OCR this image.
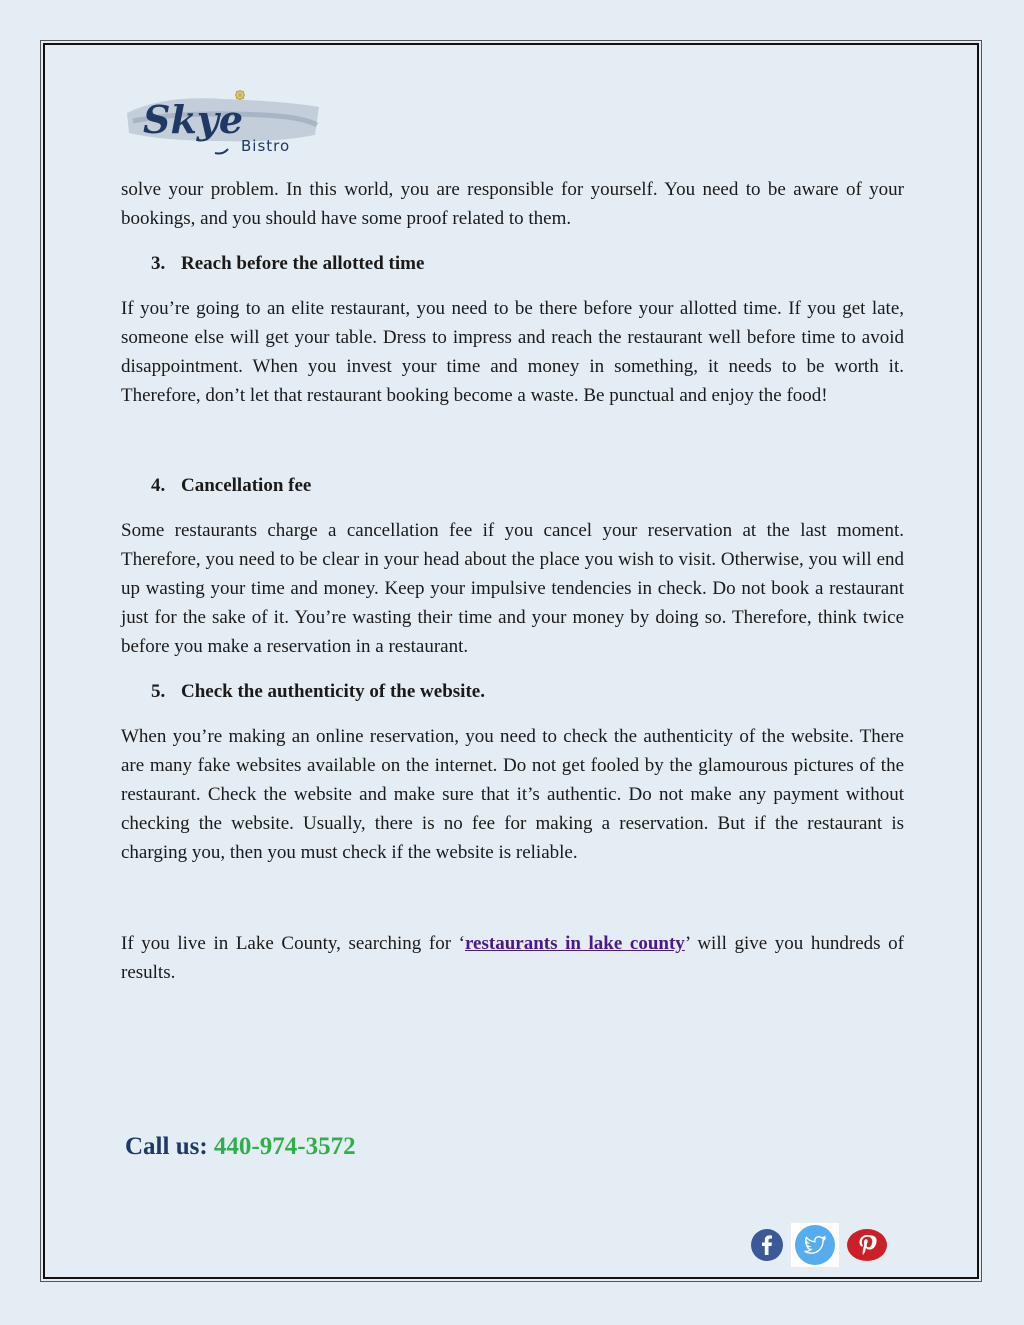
Skye
Bistro

solve your problem. In this world, you are responsible for yourself. You need to be aware of your bookings, and you should have some proof related to them.

3. Reach before the allotted time

If you’re going to an elite restaurant, you need to be there before your allotted time. If you get late, someone else will get your table. Dress to impress and reach the restaurant well before time to avoid disappointment. When you invest your time and money in something, it needs to be worth it. Therefore, don’t let that restaurant booking become a waste. Be punctual and enjoy the food!

4. Cancellation fee

Some restaurants charge a cancellation fee if you cancel your reservation at the last moment. Therefore, you need to be clear in your head about the place you wish to visit. Otherwise, you will end up wasting your time and money. Keep your impulsive tendencies in check. Do not book a restaurant just for the sake of it. You’re wasting their time and your money by doing so. Therefore, think twice before you make a reservation in a restaurant.

5. Check the authenticity of the website.

When you’re making an online reservation, you need to check the authenticity of the website. There are many fake websites available on the internet. Do not get fooled by the glamourous pictures of the restaurant. Check the website and make sure that it’s authentic. Do not make any payment without checking the website. Usually, there is no fee for making a reservation. But if the restaurant is charging you, then you must check if the website is reliable.

If you live in Lake County, searching for ‘restaurants in lake county’ will give you hundreds of results.

Call us: 440-974-3572
